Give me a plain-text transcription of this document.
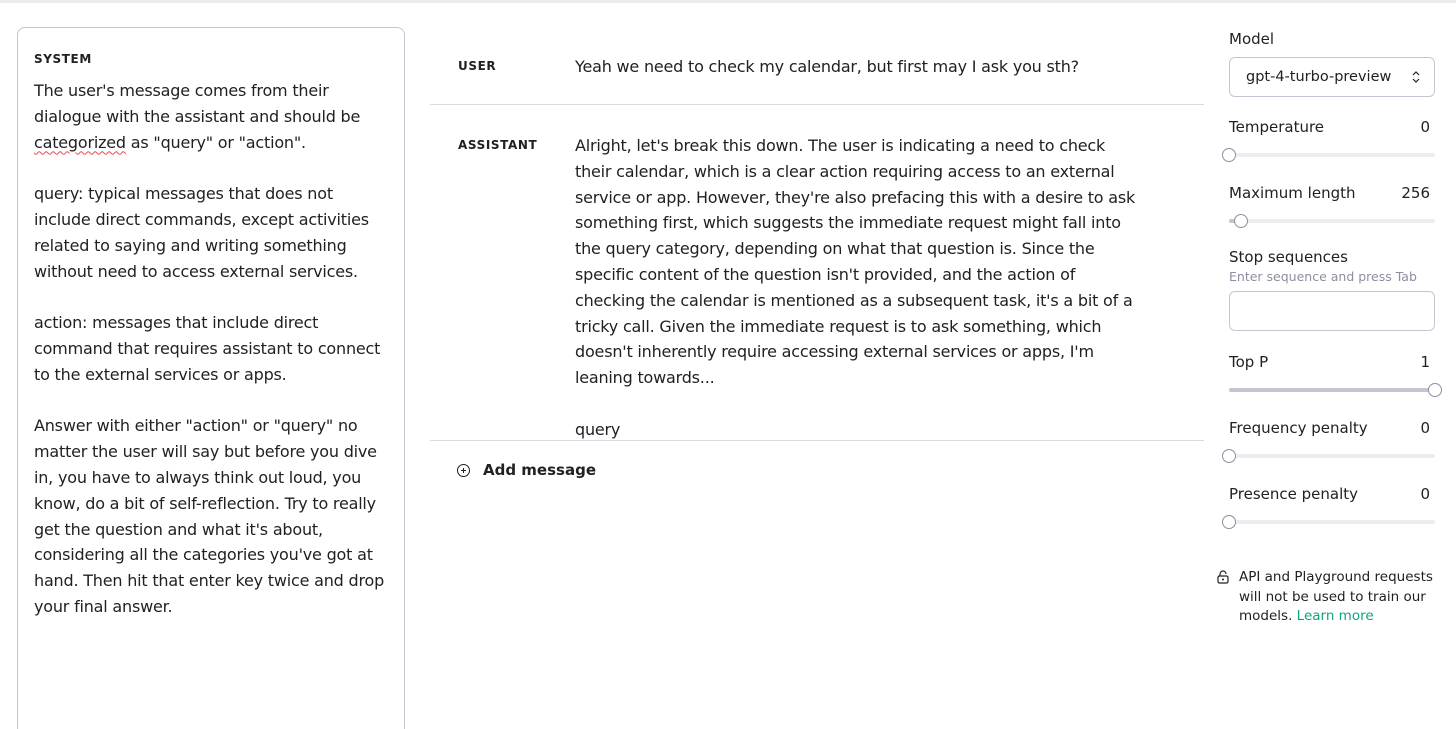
SYSTEM
The user's message comes from their dialogue with the assistant and should be categorized as "query" or "action".

query: typical messages that does not include direct commands, except activities related to saying and writing something without need to access external services.

action: messages that include direct command that requires assistant to connect to the external services or apps.

Answer with either "action" or "query" no matter the user will say but before you dive in, you have to always think out loud, you know, do a bit of self-reflection. Try to really get the question and what it's about, considering all the categories you've got at hand. Then hit that enter key twice and drop your final answer.
USER	Yeah we need to check my calendar, but first may I ask you sth?
ASSISTANT	Alright, let's break this down. The user is indicating a need to check their calendar, which is a clear action requiring access to an external service or app. However, they're also prefacing this with a desire to ask something first, which suggests the immediate request might fall into the query category, depending on what that question is. Since the specific content of the question isn't provided, and the action of checking the calendar is mentioned as a subsequent task, it's a bit of a tricky call. Given the immediate request is to ask something, which doesn't inherently require accessing external services or apps, I'm leaning towards...

query
Add message
Model
gpt-4-turbo-preview
Temperature	0
Maximum length	256
Stop sequences
Enter sequence and press Tab
Top P	1
Frequency penalty	0
Presence penalty	0
API and Playground requests will not be used to train our models. Learn more
